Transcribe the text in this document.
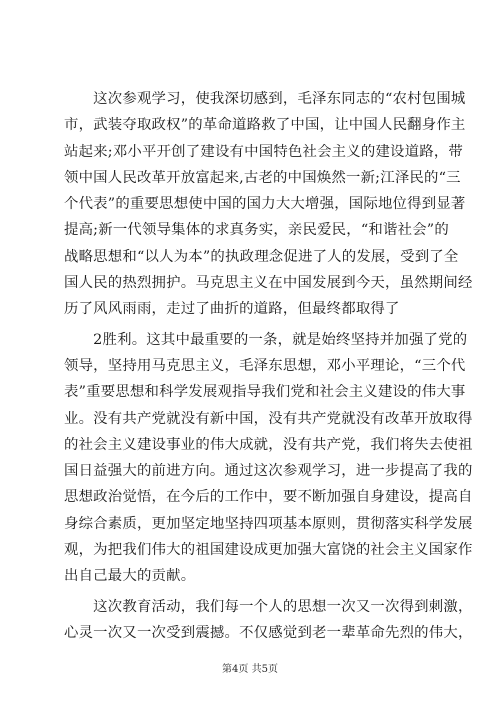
　　这次参观学习，使我深切感到，毛泽东同志的“农村包围城
市，武装夺取政权”的革命道路救了中国，让中国人民翻身作主
站起来;邓小平开创了建设有中国特色社会主义的建设道路，带
领中国人民改革开放富起来,古老的中国焕然一新;江泽民的“三
个代表”的重要思想使中国的国力大大增强，国际地位得到显著
提高;新一代领导集体的求真务实，亲民爱民，“和谐社会”的
战略思想和“以人为本”的执政理念促进了人的发展，受到了全
国人民的热烈拥护。马克思主义在中国发展到今天，虽然期间经
历了风风雨雨，走过了曲折的道路，但最终都取得了

　　2胜利。这其中最重要的一条，就是始终坚持并加强了党的
领导，坚持用马克思主义，毛泽东思想，邓小平理论，“三个代
表”重要思想和科学发展观指导我们党和社会主义建设的伟大事
业。没有共产党就没有新中国，没有共产党就没有改革开放取得
的社会主义建设事业的伟大成就，没有共产党，我们将失去使祖
国日益强大的前进方向。通过这次参观学习，进一步提高了我的
思想政治觉悟，在今后的工作中，要不断加强自身建设，提高自
身综合素质，更加坚定地坚持四项基本原则，贯彻落实科学发展
观，为把我们伟大的祖国建设成更加强大富饶的社会主义国家作
出自己最大的贡献。

　　这次教育活动，我们每一个人的思想一次又一次得到刺激，
心灵一次又一次受到震撼。不仅感觉到老一辈革命先烈的伟大，

第4页 共5页
